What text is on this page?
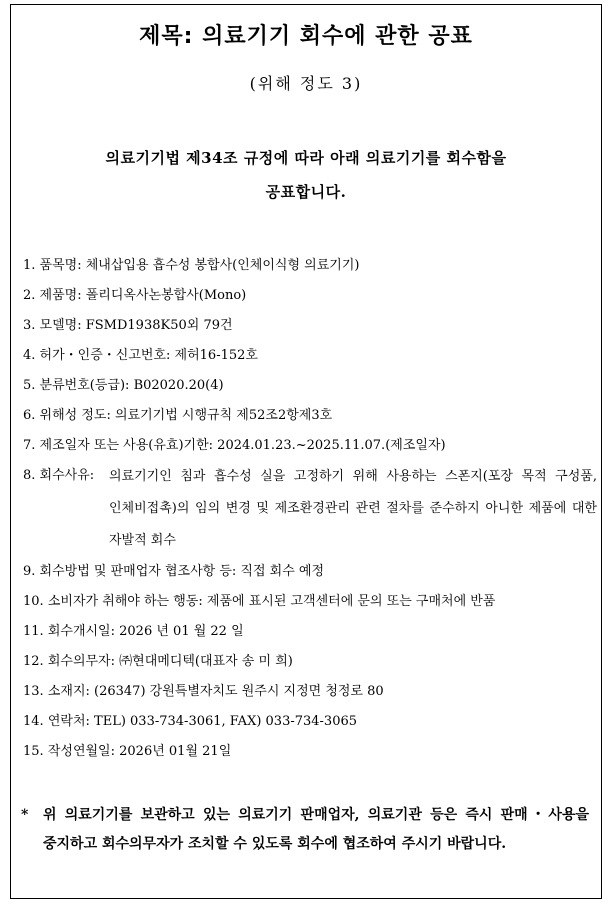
제목: 의료기기 회수에 관한 공표
(위해 정도 3)
의료기기법 제34조 규정에 따라 아래 의료기기를 회수함을
공표합니다.
1. 품목명: 체내삽입용 흡수성 봉합사(인체이식형 의료기기)
2. 제품명: 폴리디옥사논봉합사(Mono)
3. 모델명: FSMD1938K50외 79건
4. 허가・인증・신고번호: 제허16-152호
5. 분류번호(등급): B02020.20(4)
6. 위해성 정도: 의료기기법 시행규칙 제52조2항제3호
7. 제조일자 또는 사용(유효)기한: 2024.01.23.~2025.11.07.(제조일자)
8. 회수사유: 의료기기인 침과 흡수성 실을 고정하기 위해 사용하는 스폰지(포장 목적 구성품, 인체비접촉)의 임의 변경 및 제조환경관리 관련 절차를 준수하지 아니한 제품에 대한 자발적 회수
9. 회수방법 및 판매업자 협조사항 등: 직접 회수 예정
10. 소비자가 취해야 하는 행동: 제품에 표시된 고객센터에 문의 또는 구매처에 반품
11. 회수개시일: 2026 년 01 월 22 일
12. 회수의무자: ㈜현대메디텍(대표자 송 미 희)
13. 소재지: (26347) 강원특별자치도 원주시 지정면 청정로 80
14. 연락처: TEL) 033-734-3061, FAX) 033-734-3065
15. 작성연월일: 2026년 01월 21일
* 위 의료기기를 보관하고 있는 의료기기 판매업자, 의료기관 등은 즉시 판매・사용을 중지하고 회수의무자가 조치할 수 있도록 회수에 협조하여 주시기 바랍니다.
